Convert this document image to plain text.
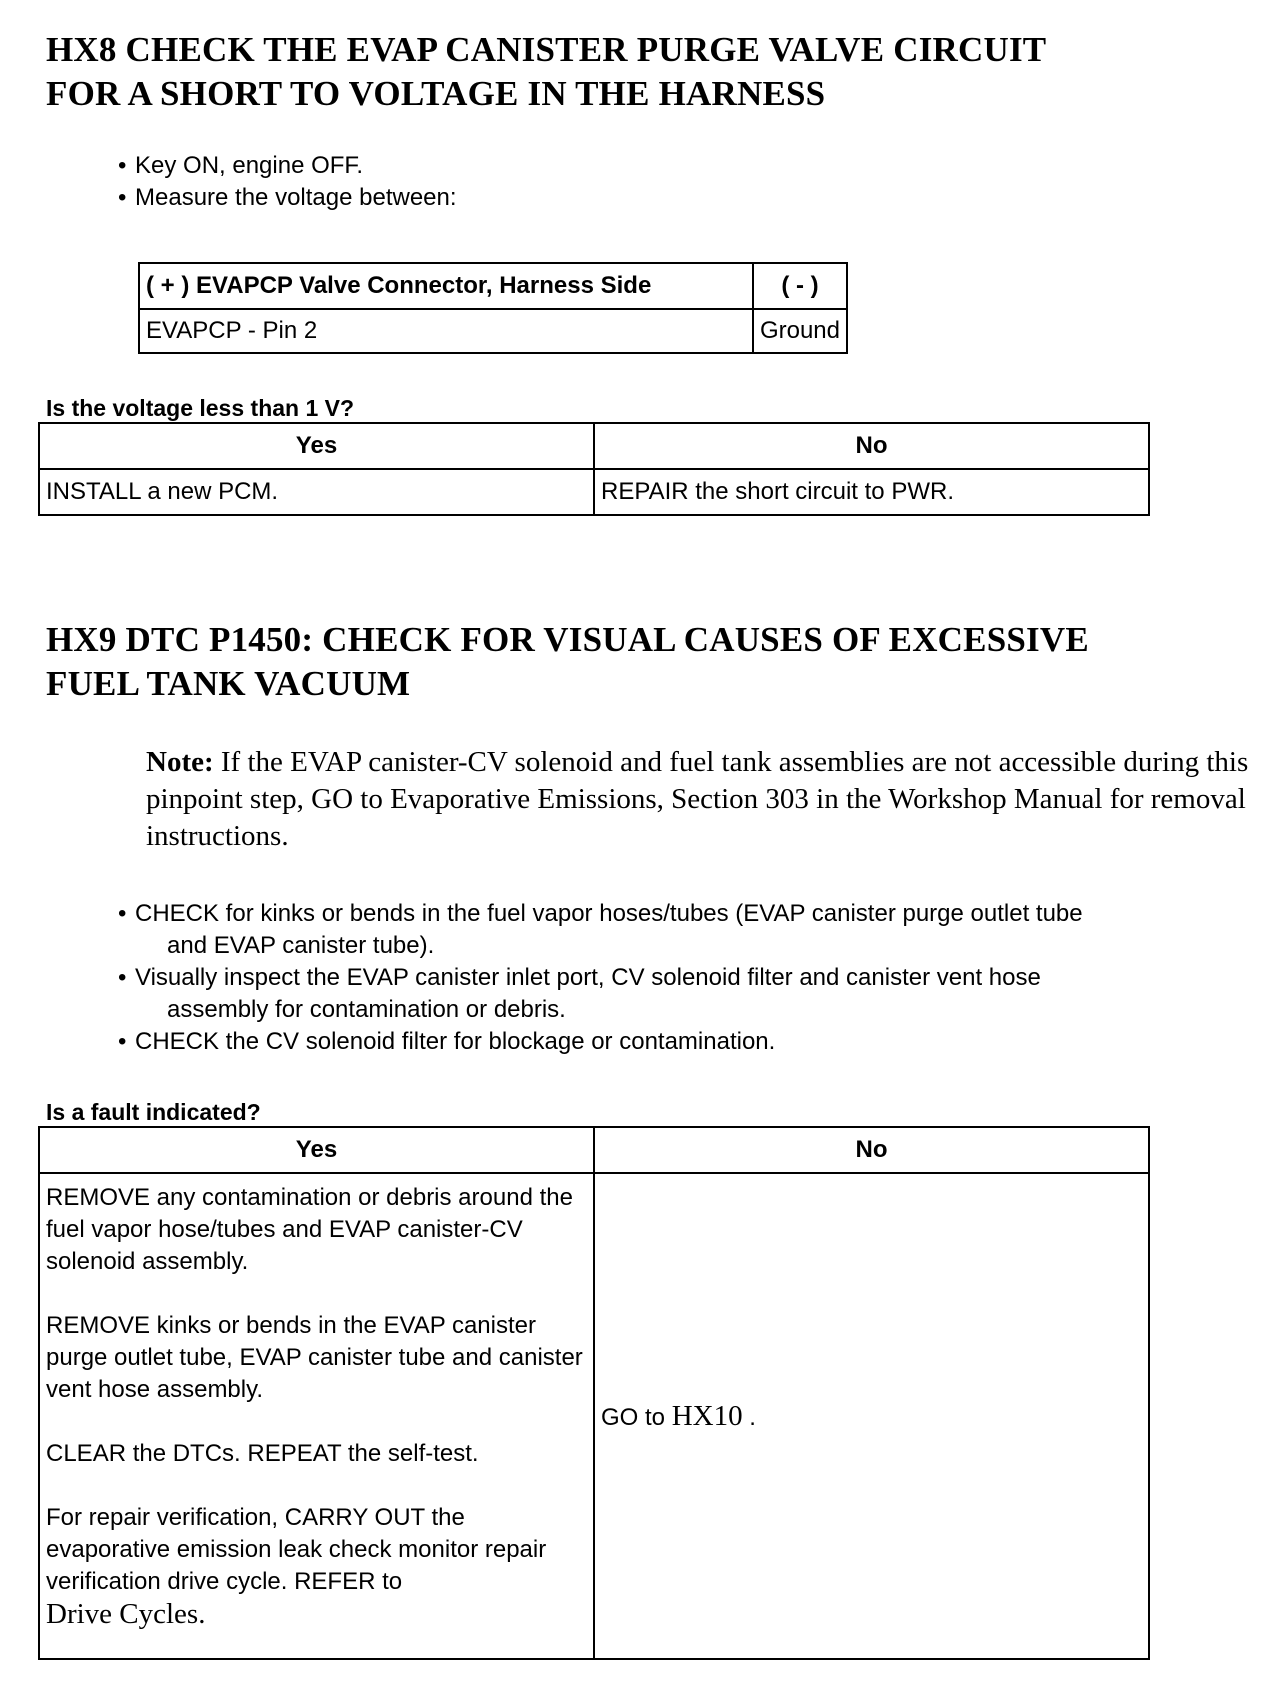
HX8 CHECK THE EVAP CANISTER PURGE VALVE CIRCUIT
FOR A SHORT TO VOLTAGE IN THE HARNESS
• Key ON, engine OFF.
• Measure the voltage between:
( + ) EVAPCP Valve Connector, Harness Side	( - )
EVAPCP - Pin 2	Ground

Is the voltage less than 1 V?

Yes	No
INSTALL a new PCM.	REPAIR the short circuit to PWR.
HX9 DTC P1450: CHECK FOR VISUAL CAUSES OF EXCESSIVE
FUEL TANK VACUUM

Note: If the EVAP canister-CV solenoid and fuel tank assemblies are not accessible during this pinpoint step, GO to Evaporative Emissions, Section 303 in the Workshop Manual for removal instructions.

• CHECK for kinks or bends in the fuel vapor hoses/tubes (EVAP canister purge outlet tube
and EVAP canister tube).
• Visually inspect the EVAP canister inlet port, CV solenoid filter and canister vent hose
assembly for contamination or debris.
• CHECK the CV solenoid filter for blockage or contamination.

Is a fault indicated?

Yes	No

REMOVE any contamination or debris around the fuel vapor hose/tubes and EVAP canister-CV solenoid assembly.
REMOVE kinks or bends in the EVAP canister purge outlet tube, EVAP canister tube and canister vent hose assembly.
CLEAR the DTCs. REPEAT the self-test.
For repair verification, CARRY OUT the evaporative emission leak check monitor repair verification drive cycle. REFER to
Drive Cycles.	GO to HX10 .
